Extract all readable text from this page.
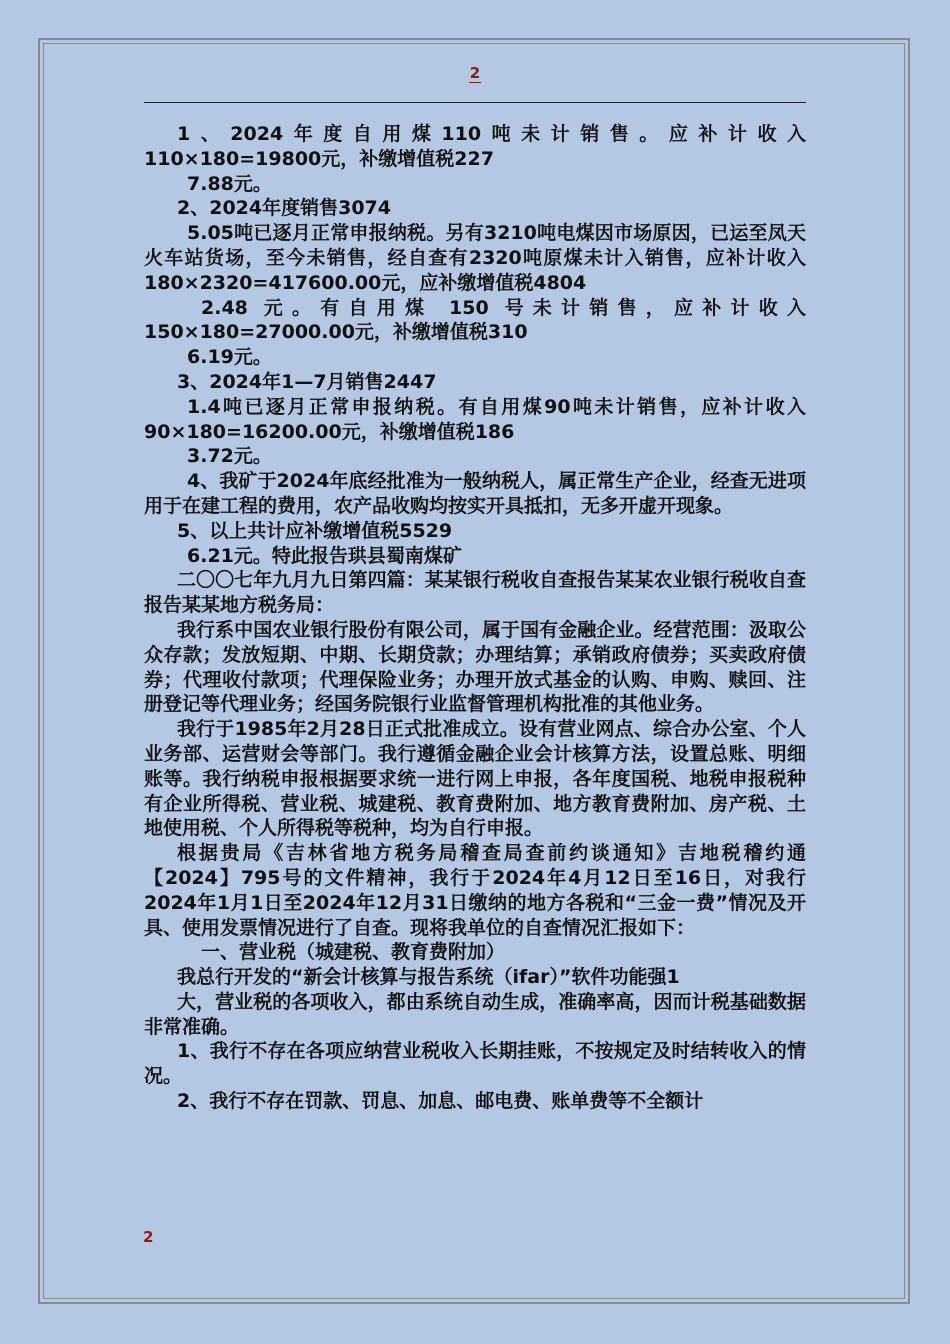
2

1、2024年度自用煤110吨未计销售。应补计收入

110×180=19800元，补缴增值税227

7.88元。

2、2024年度销售3074

5.05吨已逐月正常申报纳税。另有3210吨电煤因市场原因，已运至凤天火车站货场，至今未销售，经自查有2320吨原煤未计入销售，应补计收入180×2320=417600.00元，应补缴增值税4804

2.48 元。有自用煤 150 号未计销售，应补计收入

150×180=27000.00元，补缴增值税310

6.19元。

3、2024年1—7月销售2447

1.4吨已逐月正常申报纳税。有自用煤90吨未计销售，应补计收入90×180=16200.00元，补缴增值税186

3.72元。

4、我矿于2024年底经批准为一般纳税人，属正常生产企业，经查无进项用于在建工程的费用，农产品收购均按实开具抵扣，无多开虚开现象。

5、以上共计应补缴增值税5529

6.21元。特此报告珙县蜀南煤矿

二〇〇七年九月九日第四篇：某某银行税收自查报告某某农业银行税收自查报告某某地方税务局：

我行系中国农业银行股份有限公司，属于国有金融企业。经营范围：汲取公众存款；发放短期、中期、长期贷款；办理结算；承销政府债券；买卖政府债券；代理收付款项；代理保险业务；办理开放式基金的认购、申购、赎回、注册登记等代理业务；经国务院银行业监督管理机构批准的其他业务。

我行于1985年2月28日正式批准成立。设有营业网点、综合办公室、个人业务部、运营财会等部门。我行遵循金融企业会计核算方法，设置总账、明细账等。我行纳税申报根据要求统一进行网上申报，各年度国税、地税申报税种有企业所得税、营业税、城建税、教育费附加、地方教育费附加、房产税、土地使用税、个人所得税等税种，均为自行申报。

根据贵局《吉林省地方税务局稽查局查前约谈通知》吉地税稽约通【2024】795号的文件精神，我行于2024年4月12日至16日，对我行2024年1月1日至2024年12月31日缴纳的地方各税和“三金一费”情况及开具、使用发票情况进行了自查。现将我单位的自查情况汇报如下：

一、营业税（城建税、教育费附加）

我总行开发的“新会计核算与报告系统（ifar）”软件功能强1

大，营业税的各项收入，都由系统自动生成，准确率高，因而计税基础数据非常准确。

1、我行不存在各项应纳营业税收入长期挂账，不按规定及时结转收入的情况。

2、我行不存在罚款、罚息、加息、邮电费、账单费等不全额计

2
